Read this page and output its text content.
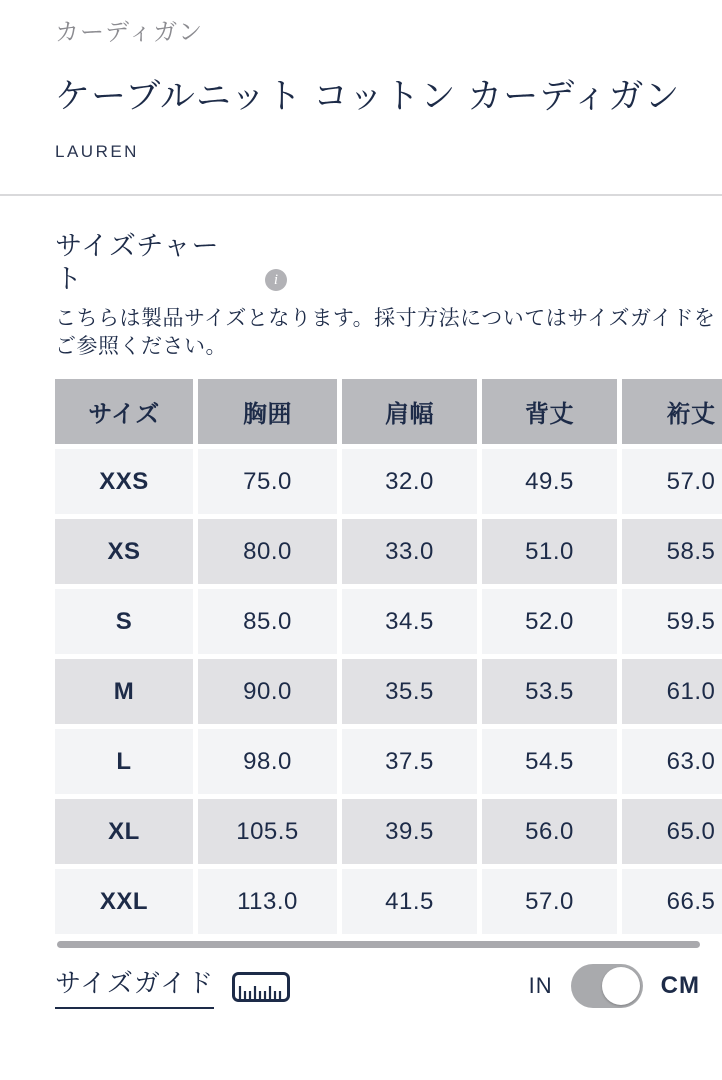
カーディガン
ケーブルニット コットン カーディガン
LAUREN
サイズチャート	i

こちらは製品サイズとなります。採寸方法についてはサイズガイドをご参照ください。

サイズ	胸囲	肩幅	背丈	裄丈
XXS	75.0	32.0	49.5	57.0
XS	80.0	33.0	51.0	58.5
S	85.0	34.5	52.0	59.5
M	90.0	35.5	53.5	61.0
L	98.0	37.5	54.5	63.0
XL	105.5	39.5	56.0	65.0
XXL	113.0	41.5	57.0	66.5
サイズガイド	IN	CM
